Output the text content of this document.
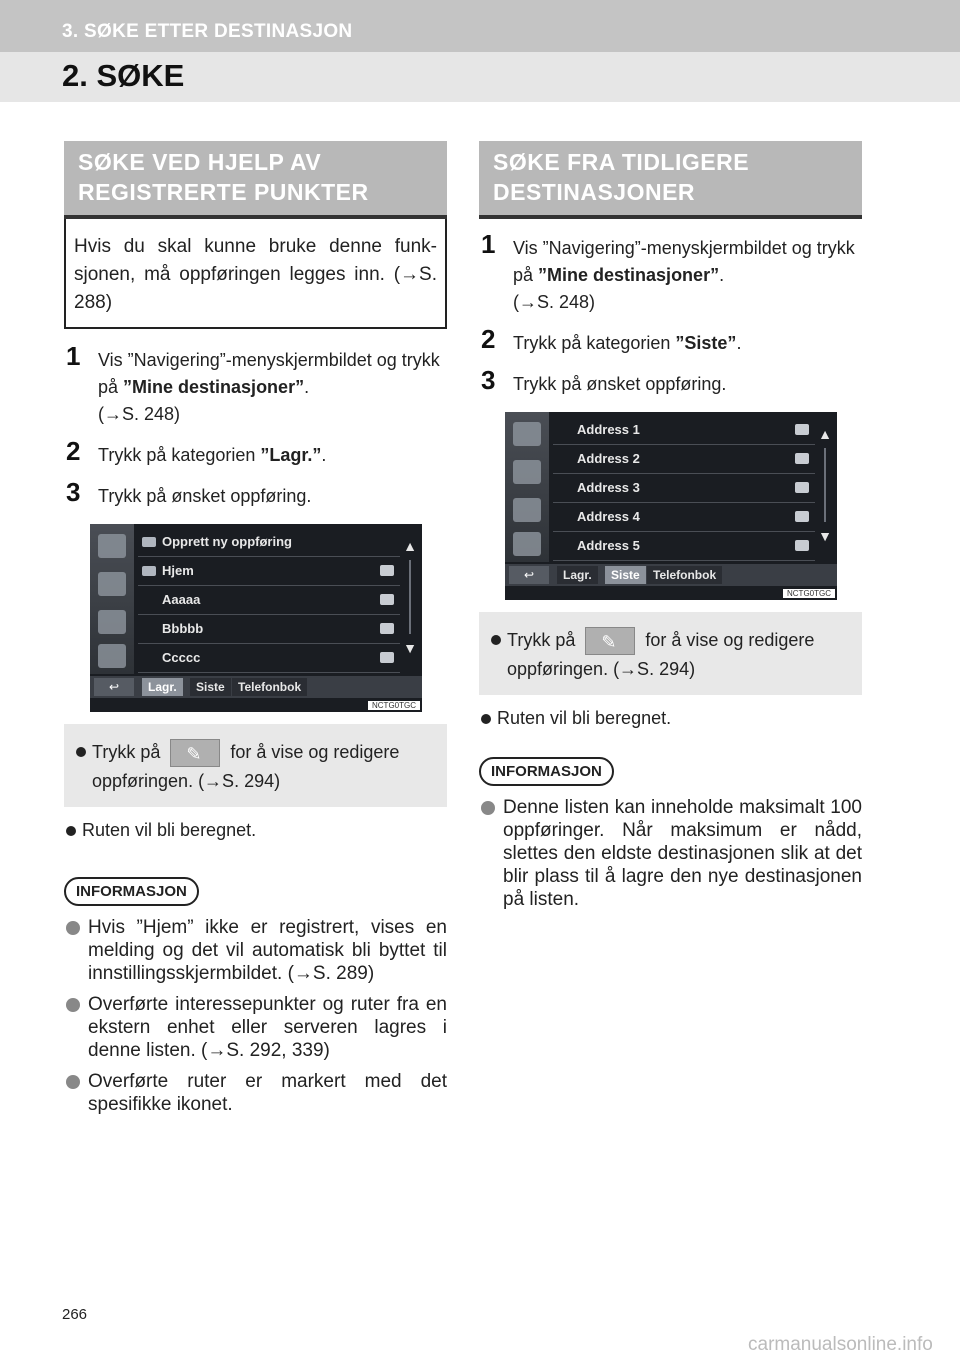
3. SØKE ETTER DESTINASJON
2. SØKE
SØKE VED HJELP AV REGISTRERTE PUNKTER
Hvis du skal kunne bruke denne funk-sjonen, må oppføringen legges inn. (→S. 288)
1 Vis ”Navigering”-menyskjermbildet og trykk på ”Mine destinasjoner”.
(→S. 248)
2 Trykk på kategorien ”Lagr.”.
3 Trykk på ønsket oppføring.
Opprett ny oppføring
Hjem
Aaaaa
Bbbbb
Ccccc
▲
▼
↩	Lagr.	Siste	Telefonbok
NCTG0TGC
Trykk på ✎	for å vise og redigere oppføringen. (→S. 294)
Ruten vil bli beregnet.
INFORMASJON
Hvis ”Hjem” ikke er registrert, vises en melding og det vil automatisk bli byttet til innstillingsskjermbildet. (→S. 289)
Overførte interessepunkter og ruter fra en ekstern enhet eller serveren lagres i denne listen. (→S. 292, 339)
Overførte ruter er markert med det spesifikke ikonet.
SØKE FRA TIDLIGERE DESTINASJONER
1 Vis ”Navigering”-menyskjermbildet og trykk på ”Mine destinasjoner”.
(→S. 248)
2 Trykk på kategorien ”Siste”.
3 Trykk på ønsket oppføring.
Address 1
Address 2
Address 3
Address 4
Address 5
▲
▼
↩	Lagr.	Siste	Telefonbok
NCTG0TGC
Trykk på ✎	for å vise og redigere oppføringen. (→S. 294)
Ruten vil bli beregnet.
INFORMASJON
Denne listen kan inneholde maksimalt 100 oppføringer. Når maksimum er nådd, slettes den eldste destinasjonen slik at det blir plass til å lagre den nye destinasjonen på listen.
266
carmanualsonline.info
